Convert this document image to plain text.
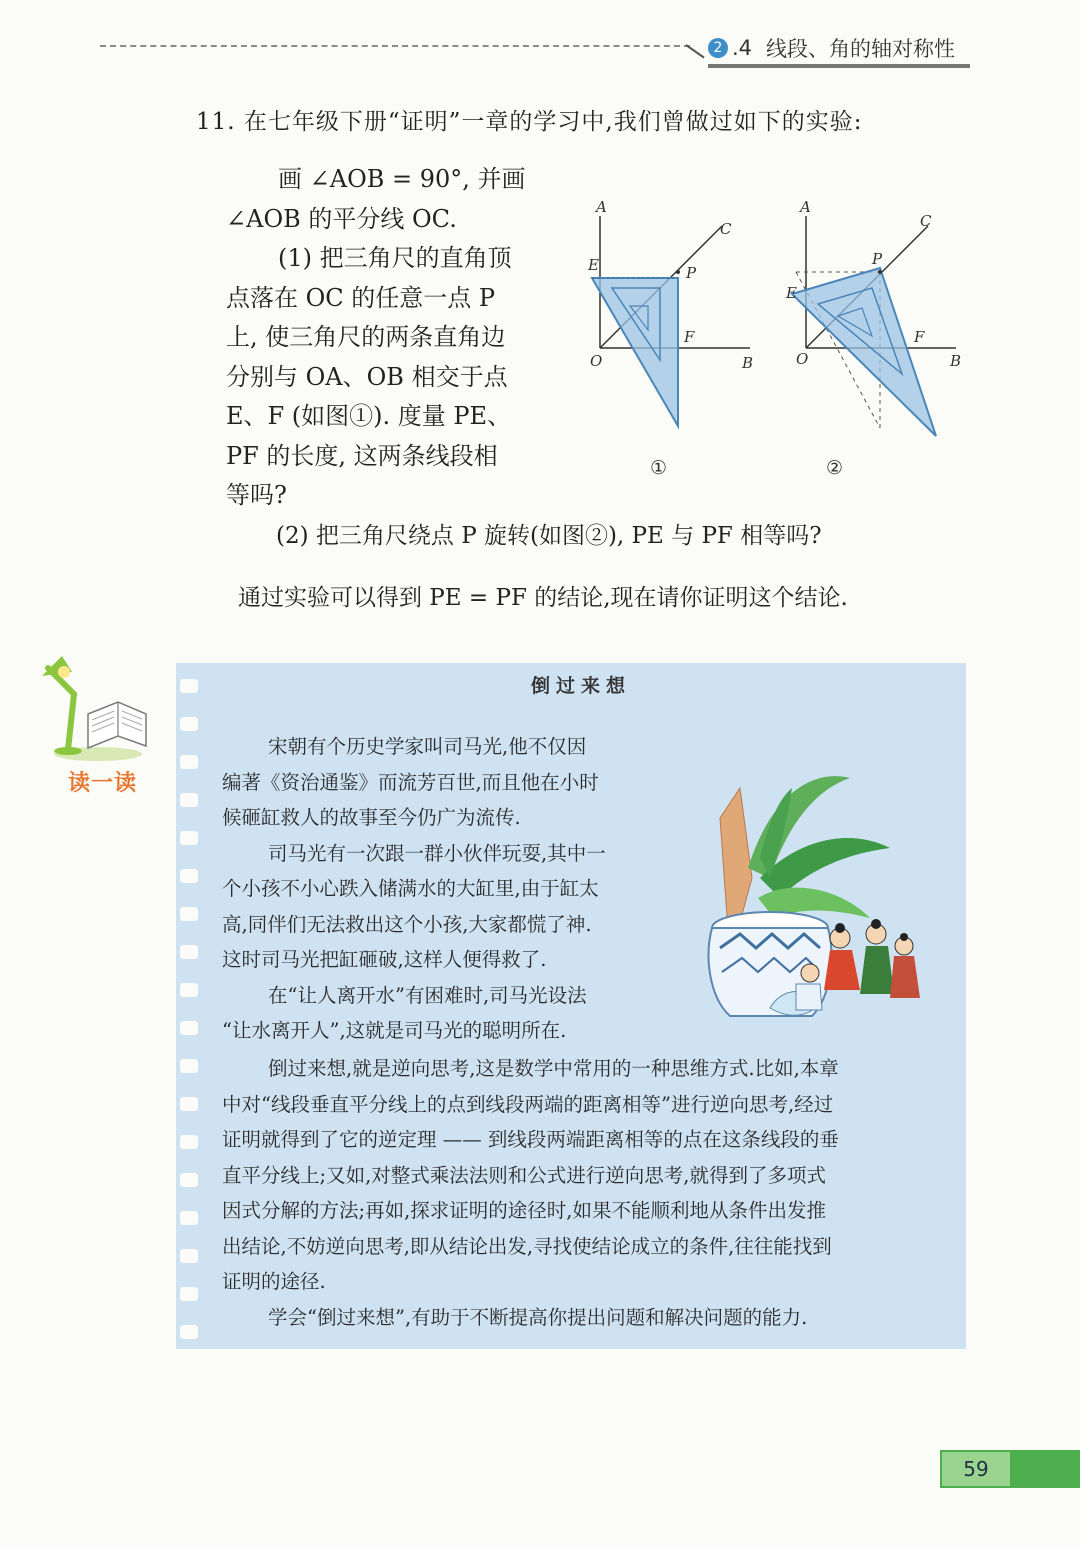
2 .4 线段、角的轴对称性
11. 在七年级下册“证明”一章的学习中,我们曾做过如下的实验:
画 ∠AOB = 90°, 并画
∠AOB 的平分线 OC.
(1) 把三角尺的直角顶
点落在 OC 的任意一点 P
上, 使三角尺的两条直角边
分别与 OA、OB 相交于点
E、F (如图①). 度量 PE、
PF 的长度, 这两条线段相
等吗?
A
E
C
P
F
O	B
①
A
C
P
E
F
O	B
②
(2) 把三角尺绕点 P 旋转(如图②), PE 与 PF 相等吗?
通过实验可以得到 PE = PF 的结论,现在请你证明这个结论.
读一读
倒过来想
宋朝有个历史学家叫司马光,他不仅因
编著《资治通鉴》而流芳百世,而且他在小时
候砸缸救人的故事至今仍广为流传.
司马光有一次跟一群小伙伴玩耍,其中一
个小孩不小心跌入储满水的大缸里,由于缸太
高,同伴们无法救出这个小孩,大家都慌了神.
这时司马光把缸砸破,这样人便得救了.
在“让人离开水”有困难时,司马光设法
“让水离开人”,这就是司马光的聪明所在.
倒过来想,就是逆向思考,这是数学中常用的一种思维方式.比如,本章
中对“线段垂直平分线上的点到线段两端的距离相等”进行逆向思考,经过
证明就得到了它的逆定理 —— 到线段两端距离相等的点在这条线段的垂
直平分线上;又如,对整式乘法法则和公式进行逆向思考,就得到了多项式
因式分解的方法;再如,探求证明的途径时,如果不能顺利地从条件出发推
出结论,不妨逆向思考,即从结论出发,寻找使结论成立的条件,往往能找到
证明的途径.
学会“倒过来想”,有助于不断提高你提出问题和解决问题的能力.
59
